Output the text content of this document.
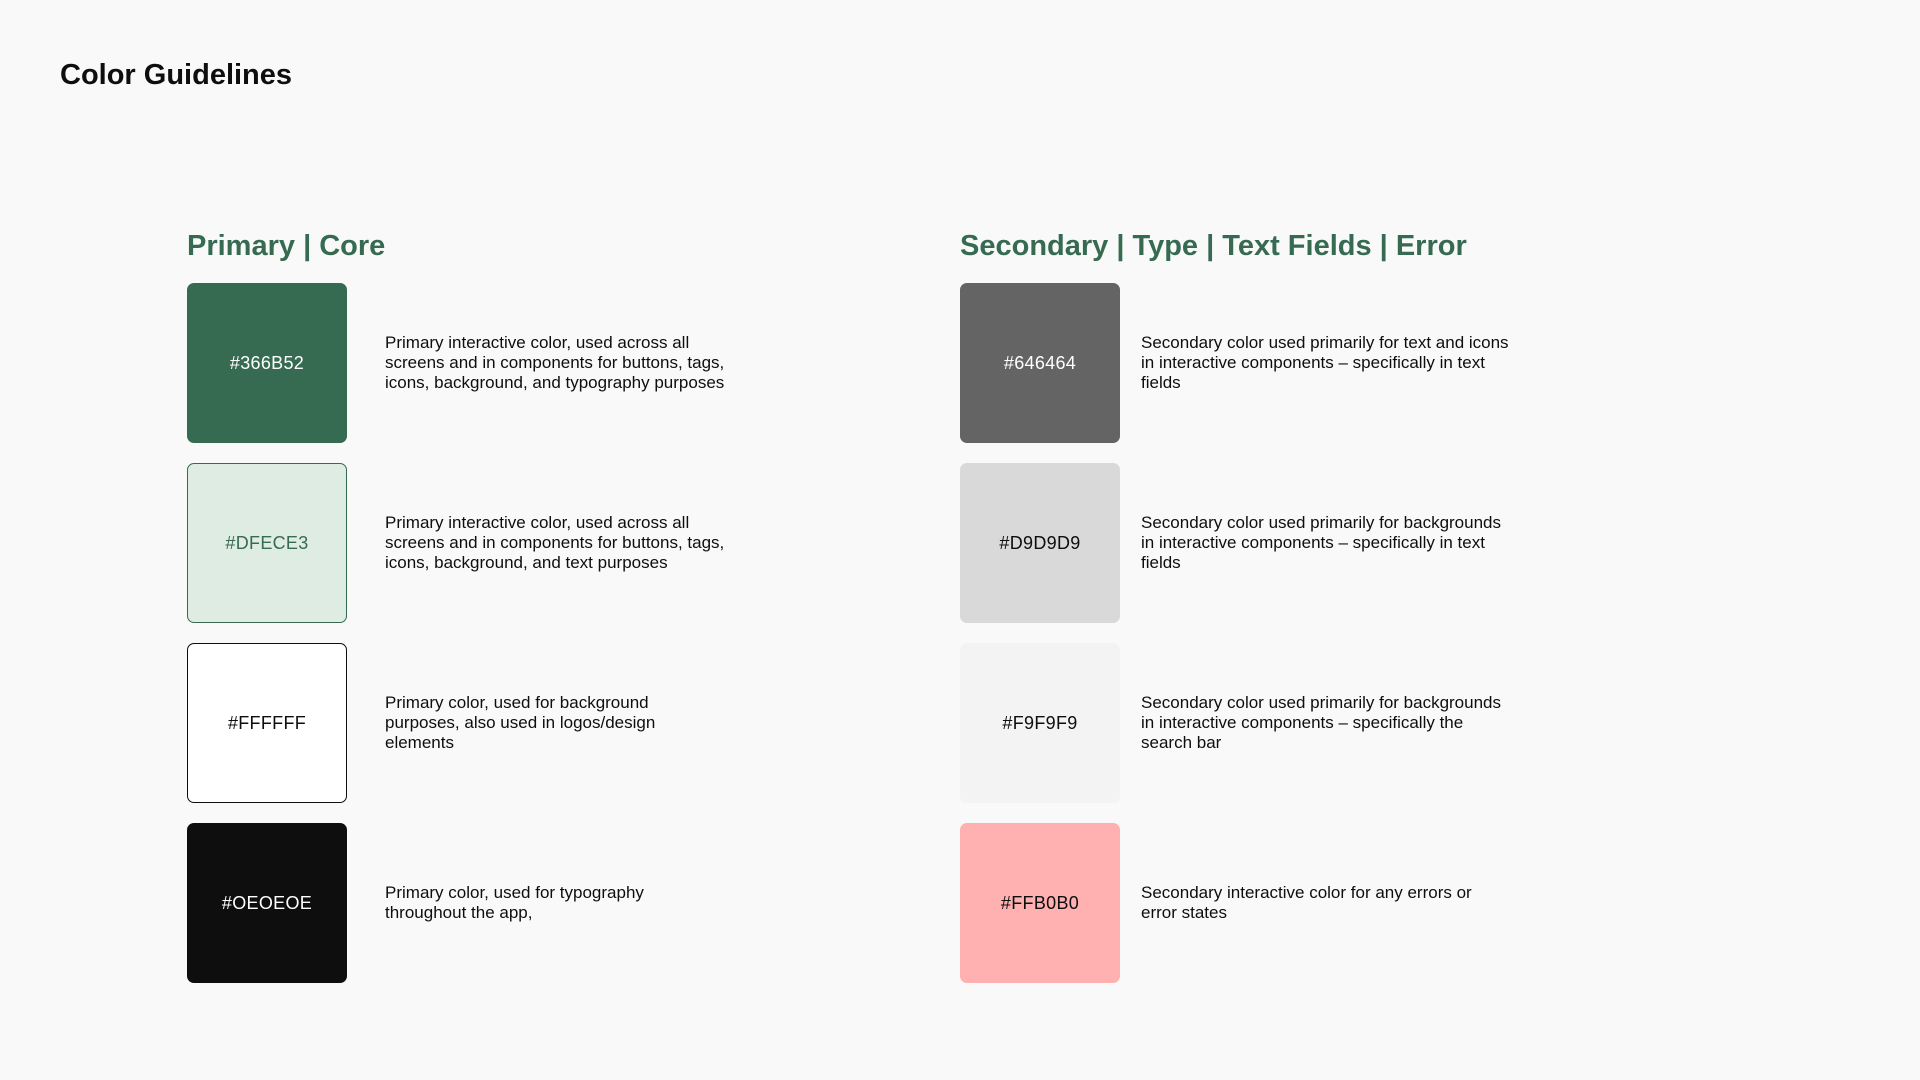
Color Guidelines
Primary | Core
#366B52
Primary interactive color, used across all screens and in components for buttons, tags, icons, background, and typography purposes
#DFECE3
Primary interactive color, used across all screens and in components for buttons, tags, icons, background, and text purposes
#FFFFFF
Primary color, used for background purposes, also used in logos/design elements
#OEOEOE	Primary color, used for typography throughout the app,
Secondary | Type | Text Fields | Error
#646464
Secondary color used primarily for text and icons in interactive components – specifically in text fields
#D9D9D9
Secondary color used primarily for backgrounds in interactive components – specifically in text fields
#F9F9F9
Secondary color used primarily for backgrounds in interactive components – specifically the search bar
#FFB0B0	Secondary interactive color for any errors or error states
